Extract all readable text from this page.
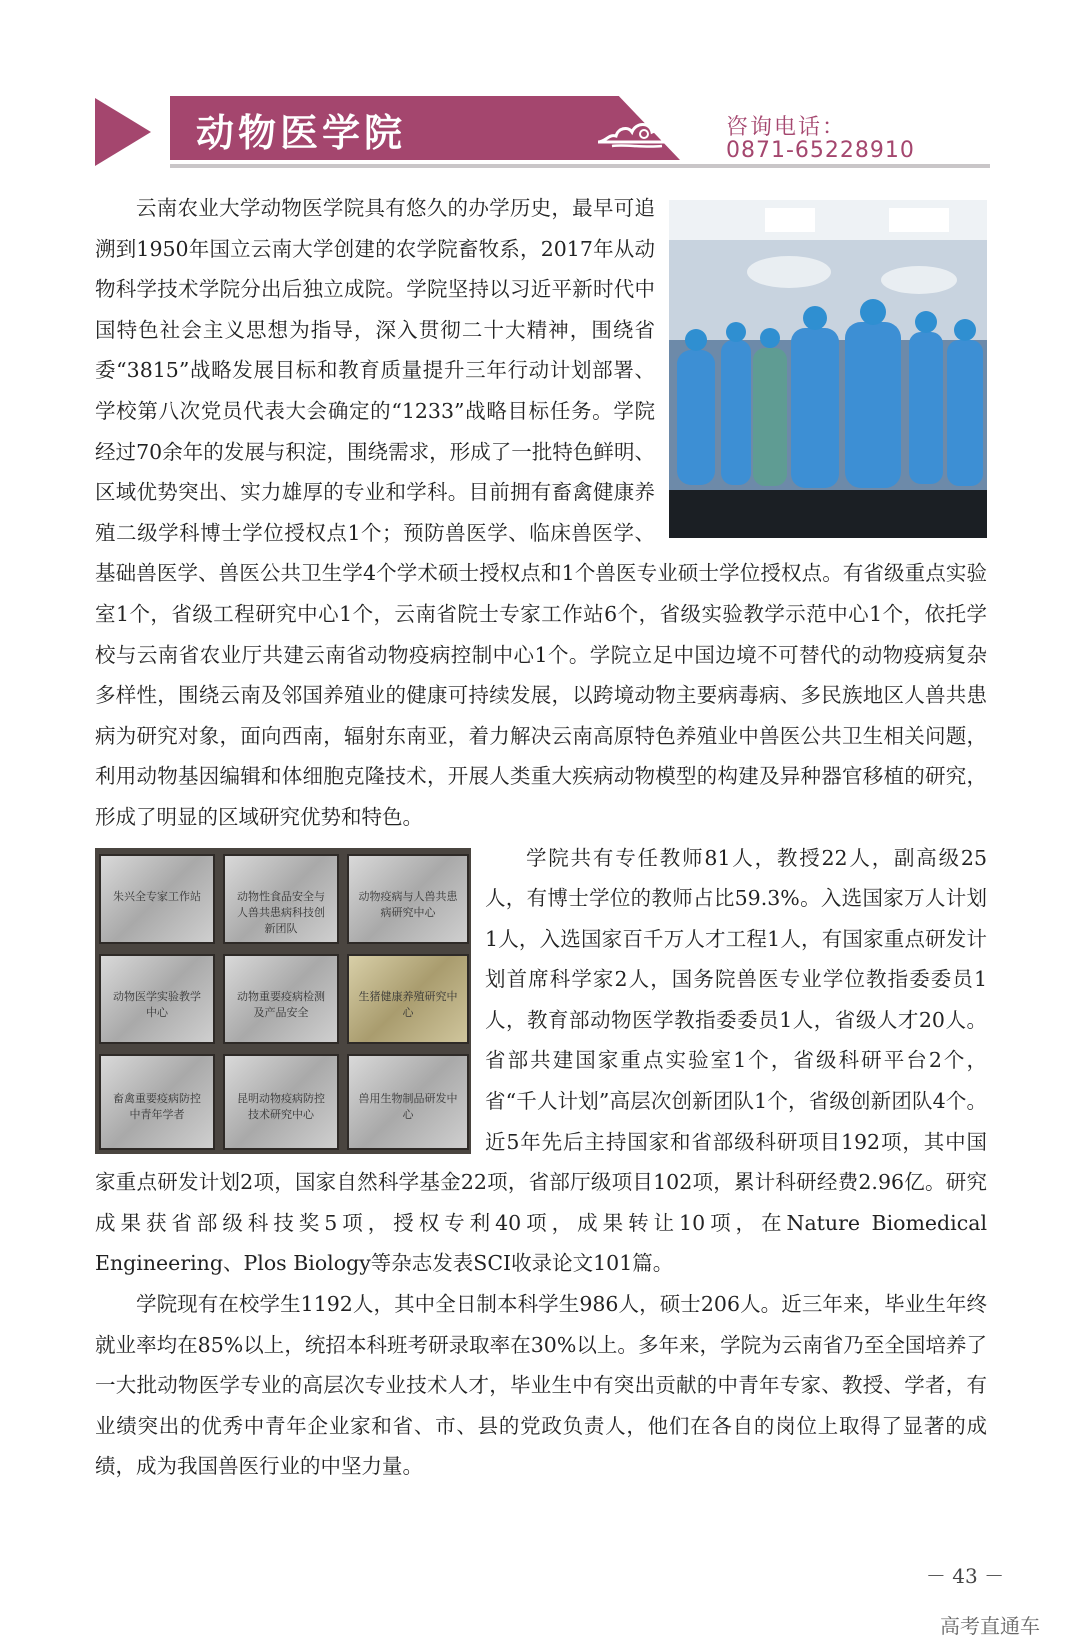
动物医学院	咨询电话：
0871-65228910

云南农业大学动物医学院具有悠久的办学历史，最早可追溯到1950年国立云南大学创建的农学院畜牧系，2017年从动物科学技术学院分出后独立成院。学院坚持以习近平新时代中国特色社会主义思想为指导，深入贯彻二十大精神，围绕省委“3815”战略发展目标和教育质量提升三年行动计划部署、学校第八次党员代表大会确定的“1233”战略目标任务。学院经过70余年的发展与积淀，围绕需求，形成了一批特色鲜明、区域优势突出、实力雄厚的专业和学科。目前拥有畜禽健康养殖二级学科博士学位授权点1个；预防兽医学、临床兽医学、基础兽医学、兽医公共卫生学4个学术硕士授权点和1个兽医专业硕士学位授权点。有省级重点实验室1个，省级工程研究中心1个，云南省院士专家工作站6个，省级实验教学示范中心1个，依托学校与云南省农业厅共建云南省动物疫病控制中心1个。学院立足中国边境不可替代的动物疫病复杂多样性，围绕云南及邻国养殖业的健康可持续发展，以跨境动物主要病毒病、多民族地区人兽共患病为研究对象，面向西南，辐射东南亚，着力解决云南高原特色养殖业中兽医公共卫生相关问题，利用动物基因编辑和体细胞克隆技术，开展人类重大疾病动物模型的构建及异种器官移植的研究，形成了明显的区域研究优势和特色。

朱兴全专家工作站	动物性食品安全与人兽共患病科技创新团队
动物疫病与人兽共患病研究中心
动物医学实验教学中心
动物重要疫病检测及产品安全
生猪健康养殖研究中心
畜禽重要疫病防控中青年学者
昆明动物疫病防控技术研究中心
兽用生物制品研发中心

学院共有专任教师81人，教授22人，副高级25人，有博士学位的教师占比59.3%。入选国家万人计划1人，入选国家百千万人才工程1人，有国家重点研发计划首席科学家2人，国务院兽医专业学位教指委委员1人，教育部动物医学教指委委员1人，省级人才20人。省部共建国家重点实验室1个，省级科研平台2个，省“千人计划”高层次创新团队1个，省级创新团队4个。近5年先后主持国家和省部级科研项目192项，其中国家重点研发计划2项，国家自然科学基金22项，省部厅级项目102项，累计科研经费2.96亿。研究成果获省部级科技奖5项，授权专利40项，成果转让10项，在Nature Biomedical Engineering、Plos Biology等杂志发表SCI收录论文101篇。

学院现有在校学生1192人，其中全日制本科学生986人，硕士206人。近三年来，毕业生年终就业率均在85%以上，统招本科班考研录取率在30%以上。多年来，学院为云南省乃至全国培养了一大批动物医学专业的高层次专业技术人才，毕业生中有突出贡献的中青年专家、教授、学者，有业绩突出的优秀中青年企业家和省、市、县的党政负责人，他们在各自的岗位上取得了显著的成绩，成为我国兽医行业的中坚力量。

－ 43 －
高考直通车
